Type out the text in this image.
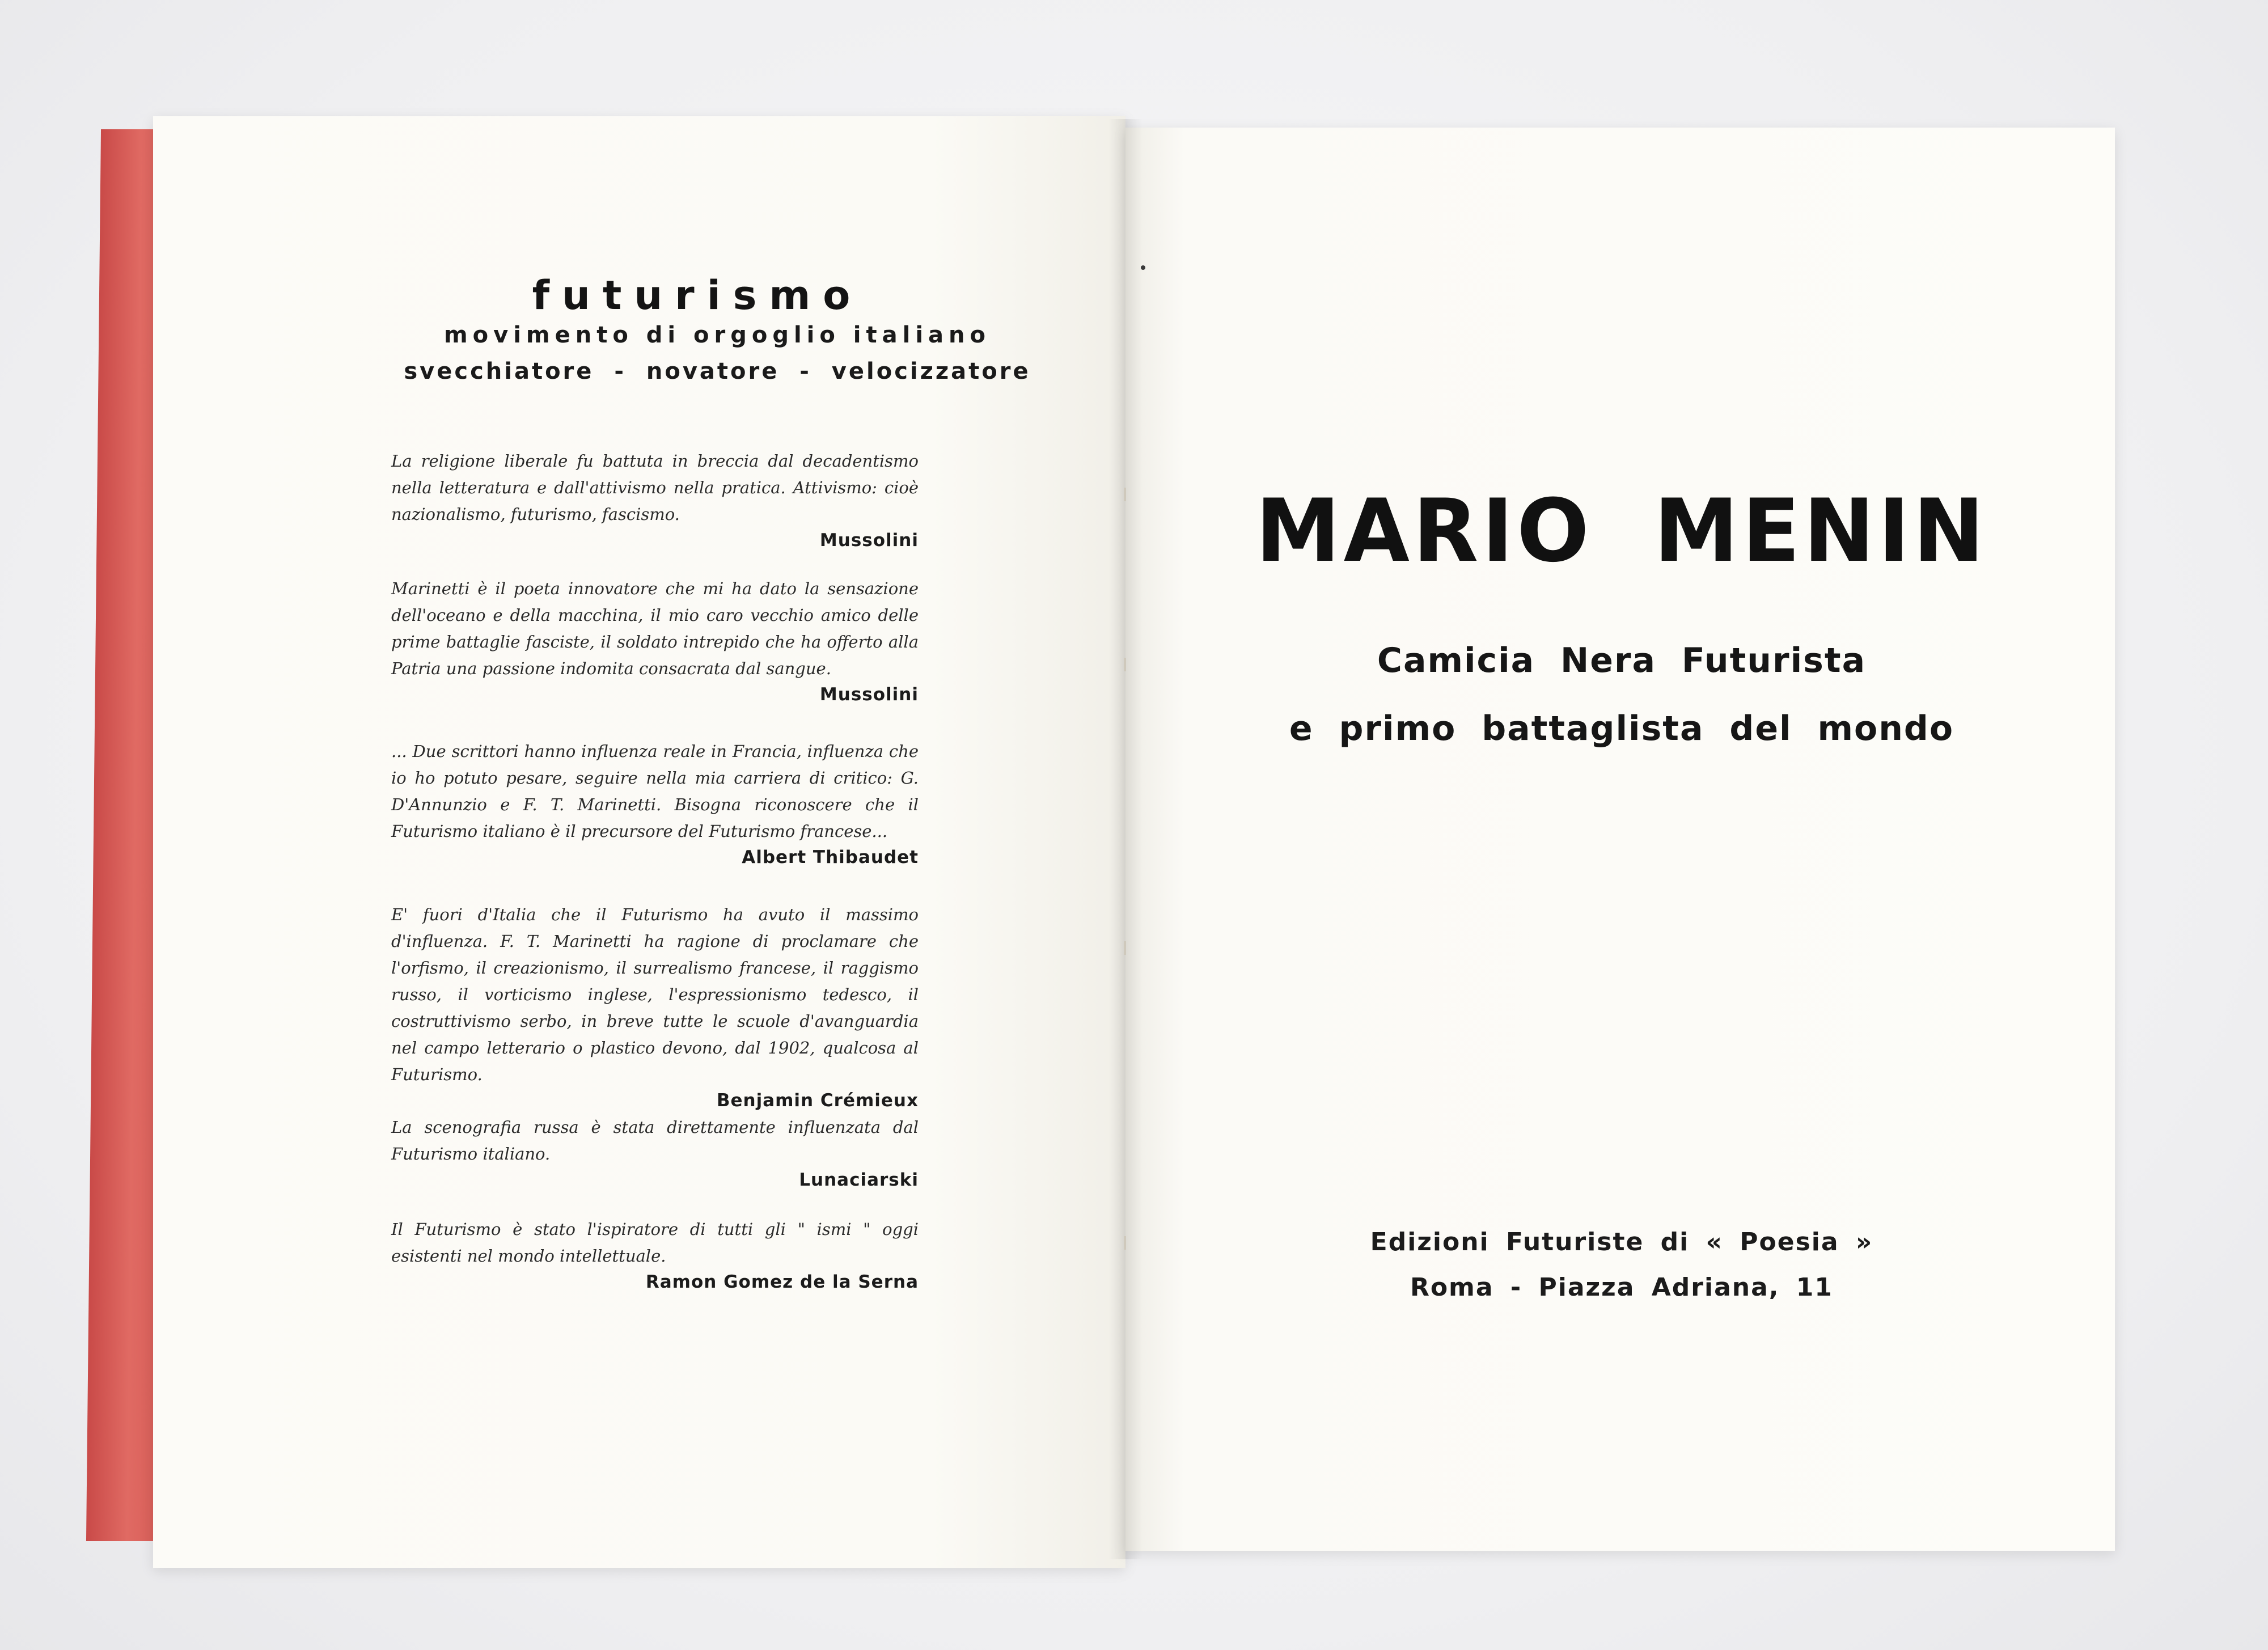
futurismo
movimento di orgoglio italiano
svecchiatore - novatore - velocizzatore

La religione liberale fu battuta in breccia dal decadentismo nella letteratura e dall'attivismo nella pratica. Attivismo: cioè nazionalismo, futurismo, fascismo.

Mussolini

Marinetti è il poeta innovatore che mi ha dato la sensazione dell'oceano e della macchina, il mio caro vecchio amico delle prime battaglie fasciste, il soldato intrepido che ha offerto alla Patria una passione indomita consacrata dal sangue.

Mussolini

... Due scrittori hanno influenza reale in Francia, influenza che io ho potuto pesare, seguire nella mia carriera di critico: G. D'Annunzio e F. T. Marinetti. Bisogna riconoscere che il Futurismo italiano è il precursore del Futurismo francese...

Albert Thibaudet

E' fuori d'Italia che il Futurismo ha avuto il massimo d'influenza. F. T. Marinetti ha ragione di proclamare che l'orfismo, il creazionismo, il surrealismo francese, il raggismo russo, il vorticismo inglese, l'espressionismo tedesco, il costruttivismo serbo, in breve tutte le scuole d'avanguardia nel campo letterario o plastico devono, dal 1902, qualcosa al Futurismo.

Benjamin Crémieux

La scenografia russa è stata direttamente influenzata dal Futurismo italiano.

Lunaciarski

Il Futurismo è stato l'ispiratore di tutti gli " ismi " oggi esistenti nel mondo intellettuale.

Ramon Gomez de la Serna
MARIO MENIN
Camicia Nera Futurista
e primo battaglista del mondo
Edizioni Futuriste di « Poesia »
Roma - Piazza Adriana, 11
